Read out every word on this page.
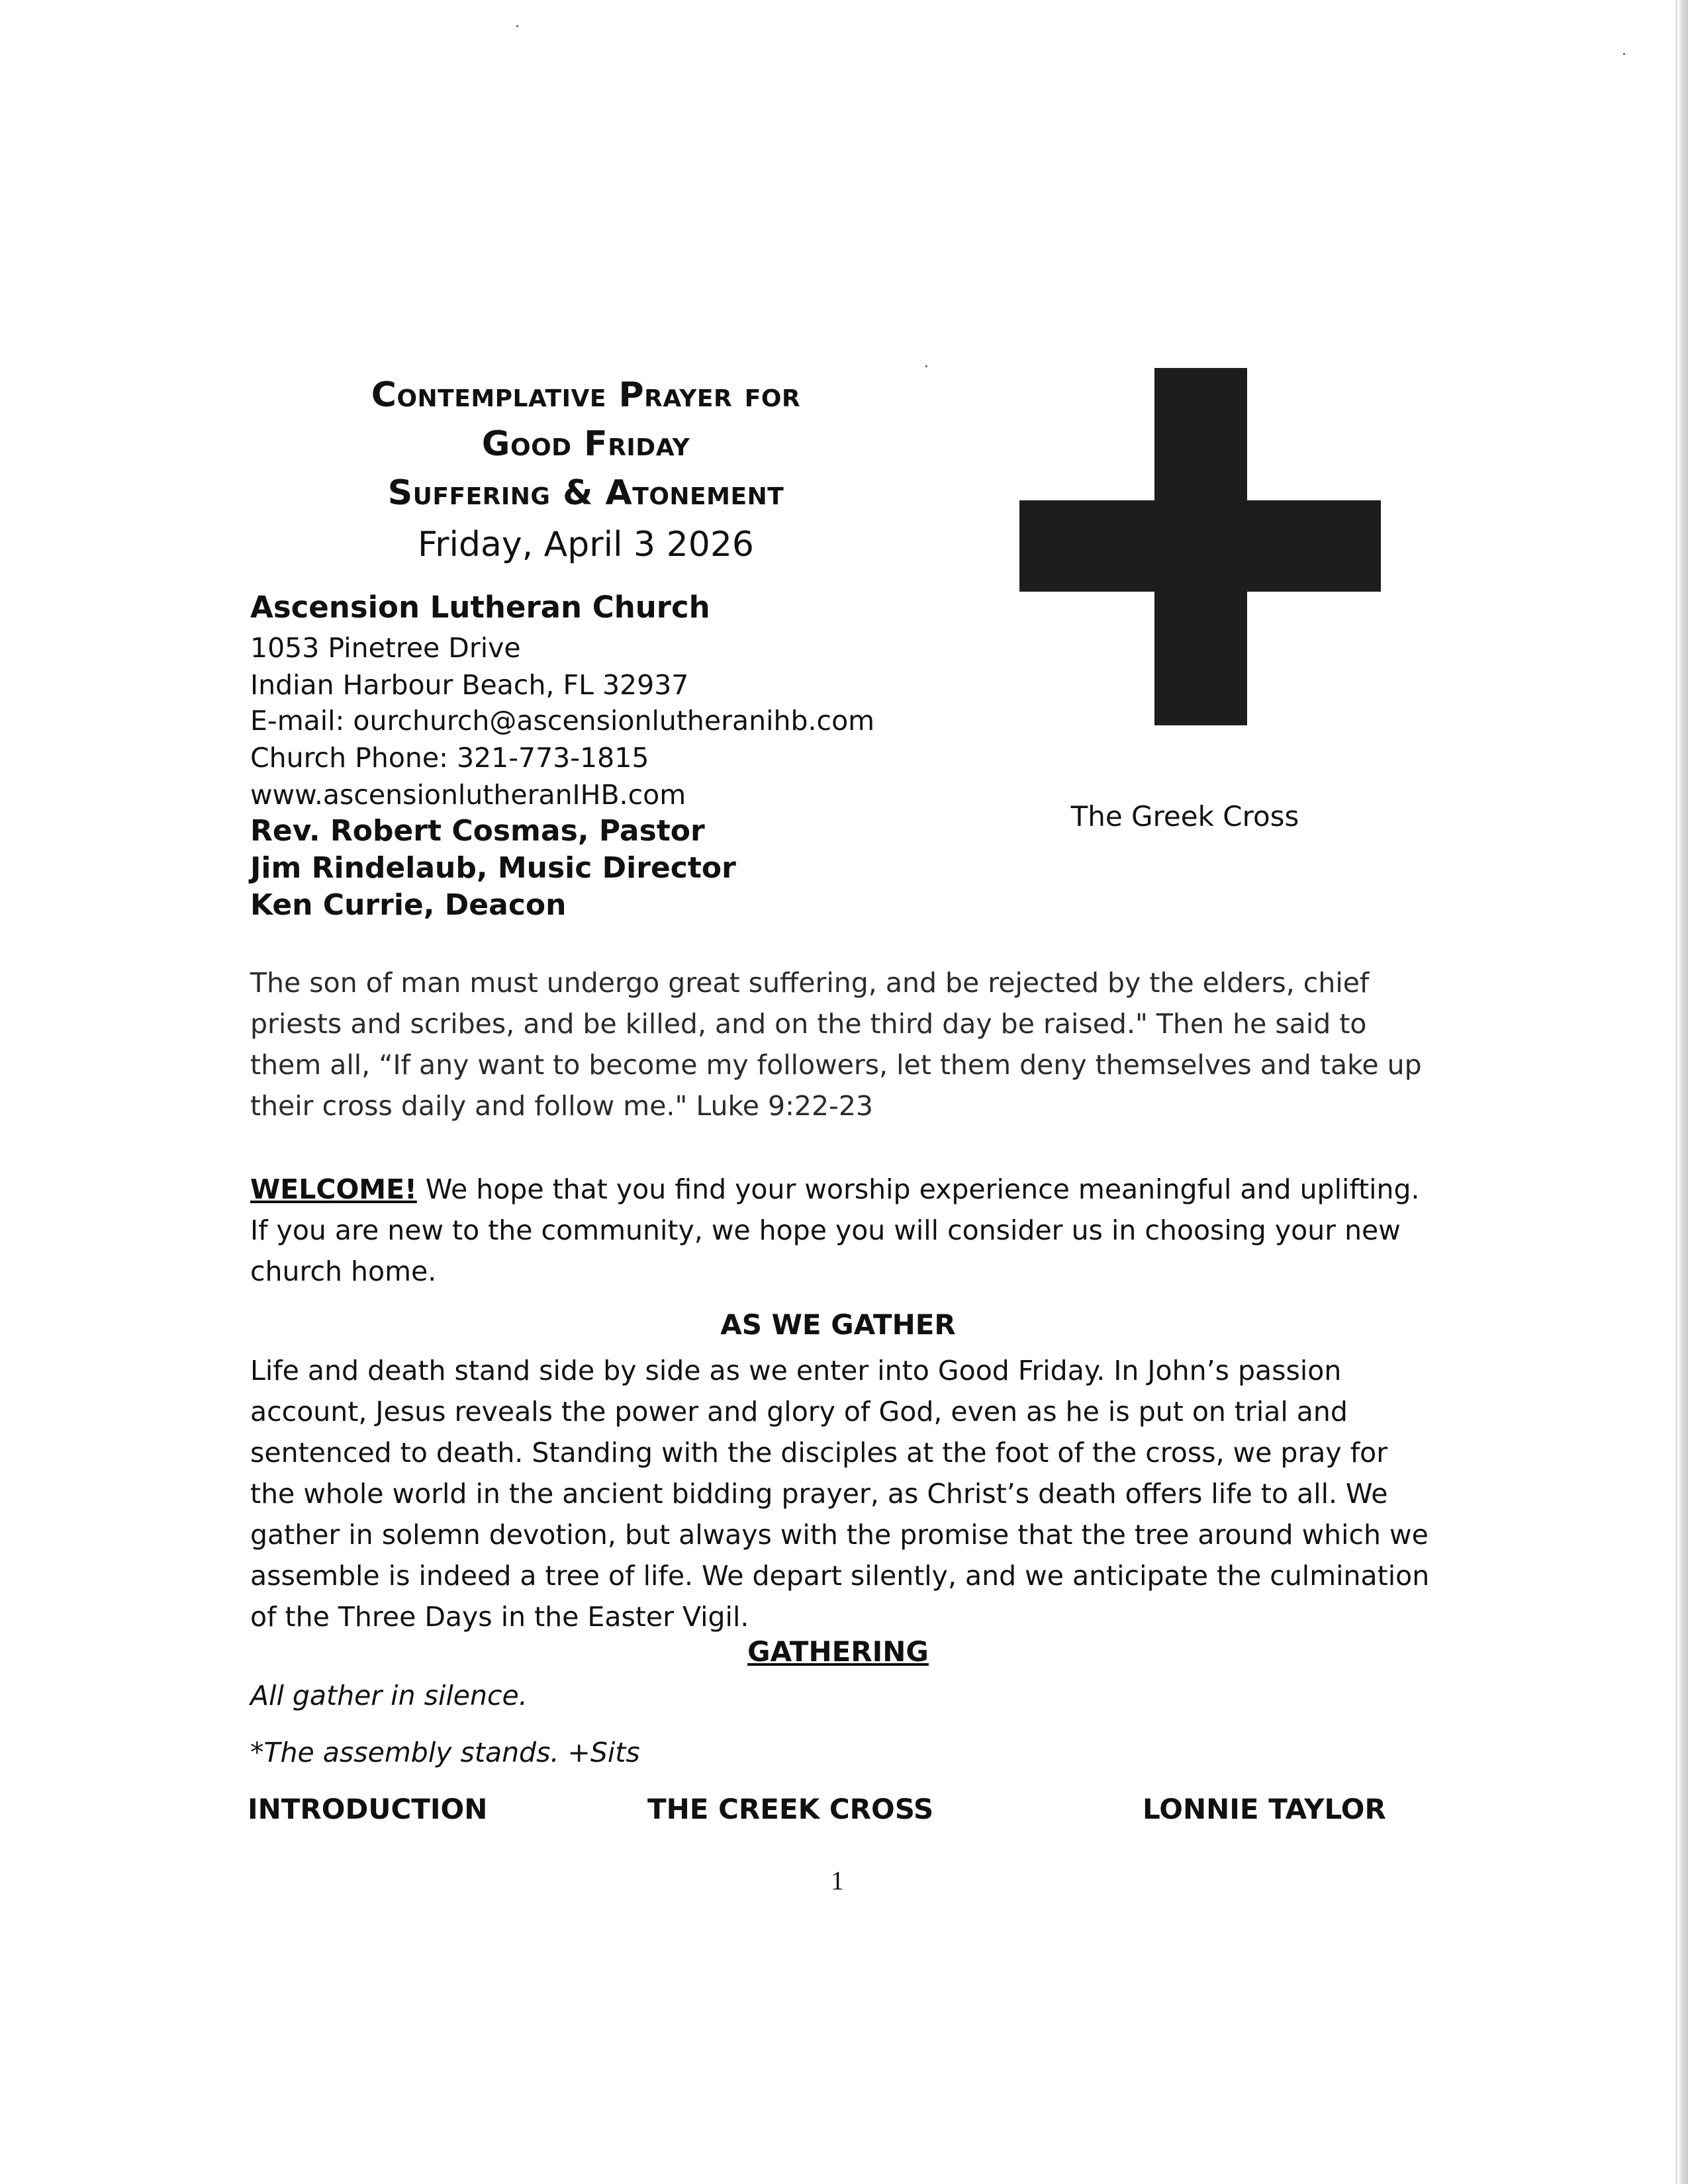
Contemplative Prayer for
Good Friday
Suffering & Atonement
Friday, April 3 2026
The Greek Cross
Ascension Lutheran Church
1053 Pinetree Drive
Indian Harbour Beach, FL 32937
E-mail: ourchurch@ascensionlutheranihb.com
Church Phone: 321-773-1815
www.ascensionlutheranIHB.com
Rev. Robert Cosmas, Pastor
Jim Rindelaub, Music Director
Ken Currie, Deacon

The son of man must undergo great suffering, and be rejected by the elders, chief priests and scribes, and be killed, and on the third day be raised." Then he said to them all, “If any want to become my followers, let them deny themselves and take up their cross daily and follow me." Luke 9:22-23

WELCOME! We hope that you find your worship experience meaningful and uplifting. If you are new to the community, we hope you will consider us in choosing your new church home.

AS WE GATHER

Life and death stand side by side as we enter into Good Friday. In John’s passion account, Jesus reveals the power and glory of God, even as he is put on trial and sentenced to death. Standing with the disciples at the foot of the cross, we pray for the whole world in the ancient bidding prayer, as Christ’s death offers life to all. We gather in solemn devotion, but always with the promise that the tree around which we assemble is indeed a tree of life. We depart silently, and we anticipate the culmination of the Three Days in the Easter Vigil.

GATHERING
All gather in silence.
*The assembly stands. +Sits
INTRODUCTION	THE CREEK CROSS	LONNIE TAYLOR
1
